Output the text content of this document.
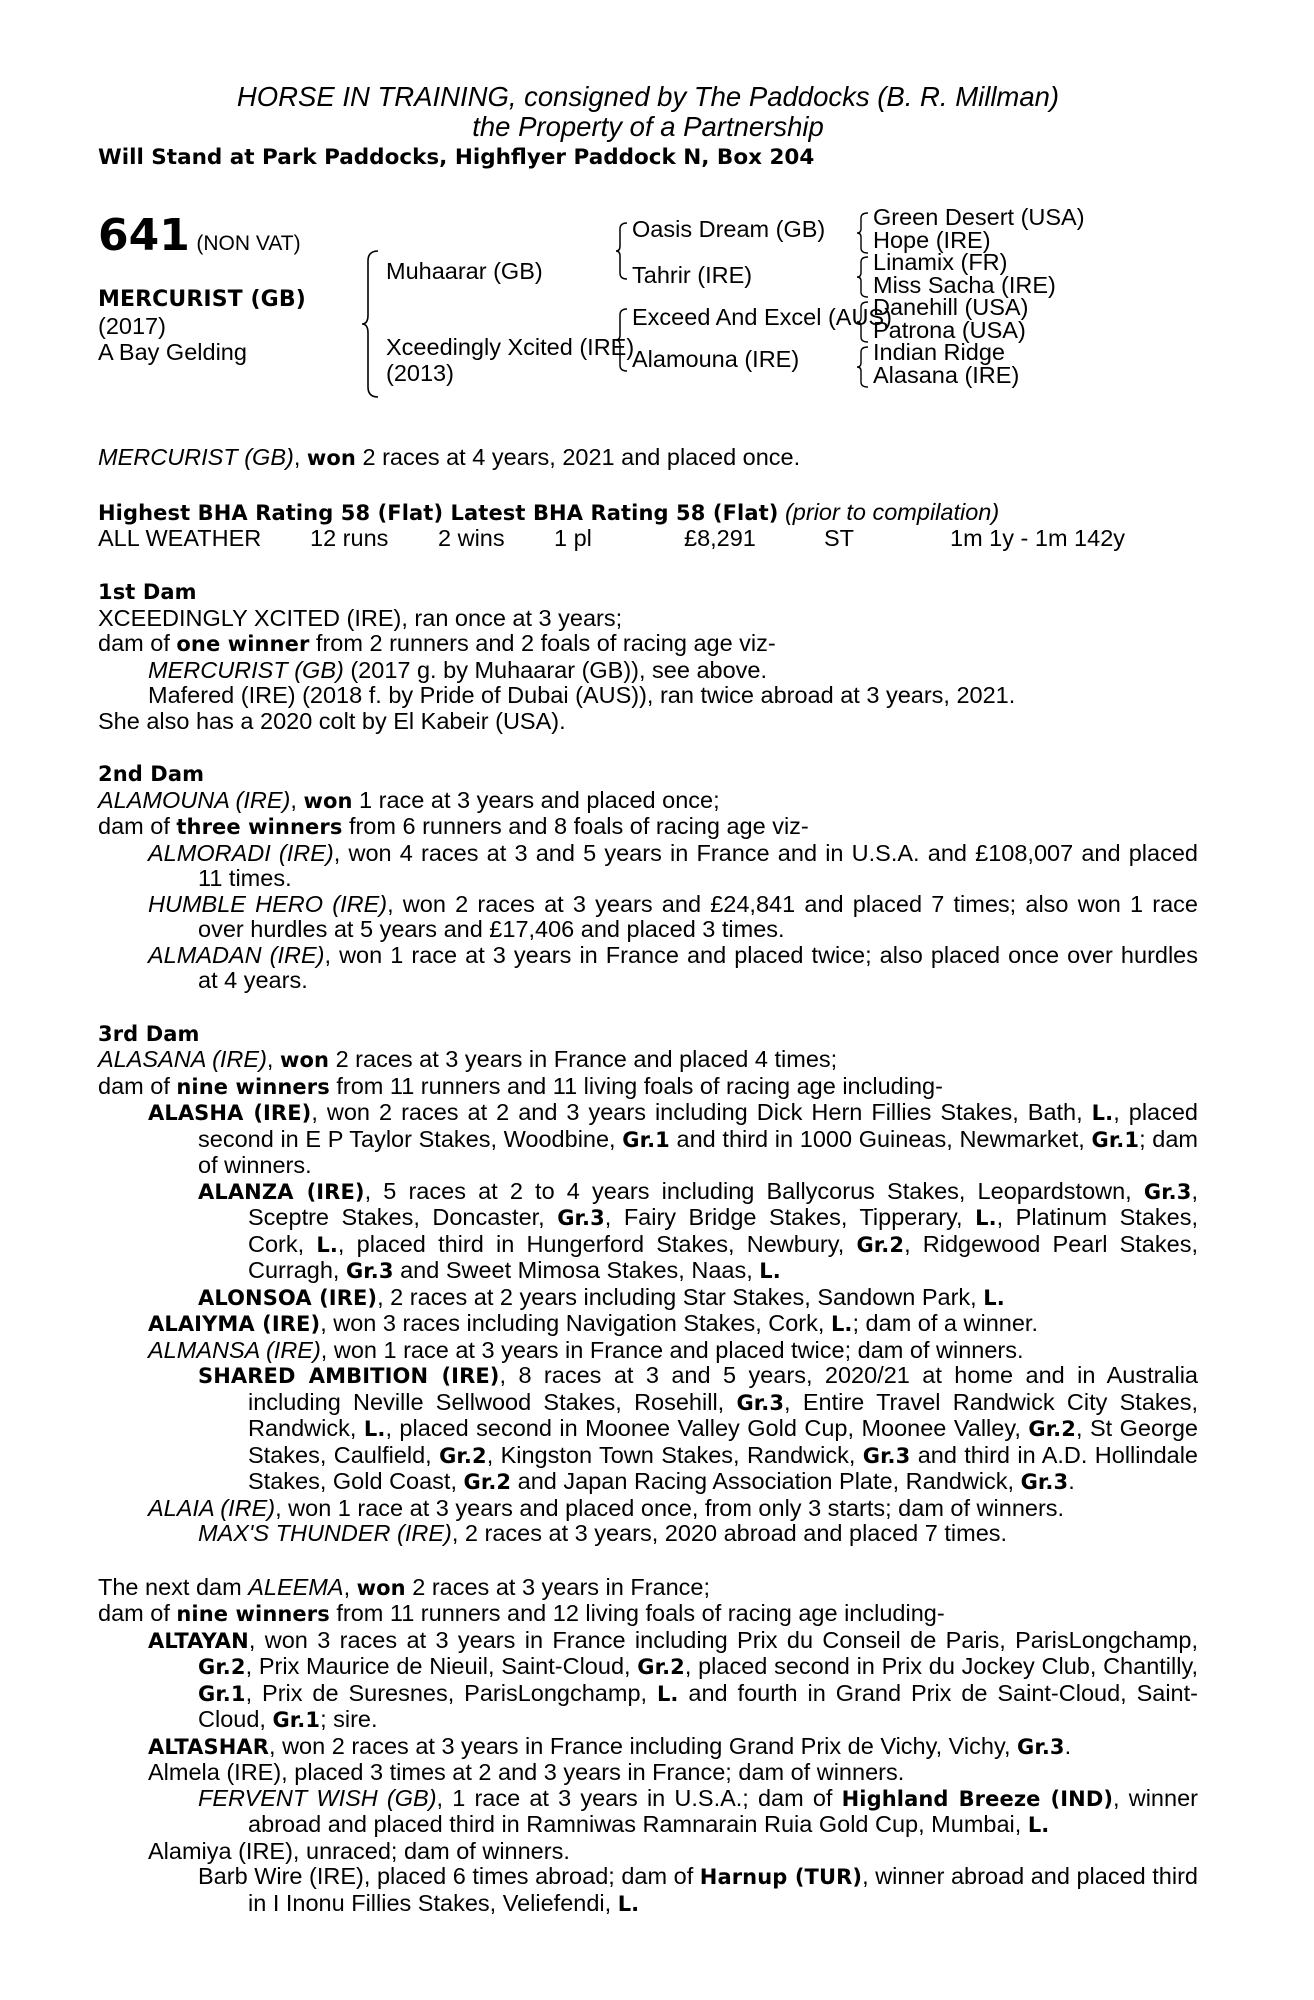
HORSE IN TRAINING, consigned by The Paddocks (B. R. Millman)
the Property of a Partnership
Will Stand at Park Paddocks, Highflyer Paddock N, Box 204
641 (NON VAT)
MERCURIST (GB)
(2017)
A Bay Gelding
Muhaarar (GB)
Xceedingly Xcited (IRE)
(2013)
Oasis Dream (GB)
Tahrir (IRE)
Exceed And Excel (AUS)
Alamouna (IRE)
Green Desert (USA)
Hope (IRE)
Linamix (FR)
Miss Sacha (IRE)
Danehill (USA)
Patrona (USA)
Indian Ridge
Alasana (IRE)

MERCURIST (GB), won 2 races at 4 years, 2021 and placed once.

Highest BHA Rating 58 (Flat) Latest BHA Rating 58 (Flat) (prior to compilation)

ALL WEATHER 12 runs 2 wins 1 pl	£8,291	ST	1m 1y - 1m 142y

1st Dam

XCEEDINGLY XCITED (IRE), ran once at 3 years;

dam of one winner from 2 runners and 2 foals of racing age viz-

MERCURIST (GB) (2017 g. by Muhaarar (GB)), see above.

Mafered (IRE) (2018 f. by Pride of Dubai (AUS)), ran twice abroad at 3 years, 2021.

She also has a 2020 colt by El Kabeir (USA).

2nd Dam

ALAMOUNA (IRE), won 1 race at 3 years and placed once;

dam of three winners from 6 runners and 8 foals of racing age viz-

ALMORADI (IRE), won 4 races at 3 and 5 years in France and in U.S.A. and £108,007 and placed 11 times.

HUMBLE HERO (IRE), won 2 races at 3 years and £24,841 and placed 7 times; also won 1 race over hurdles at 5 years and £17,406 and placed 3 times.

ALMADAN (IRE), won 1 race at 3 years in France and placed twice; also placed once over hurdles at 4 years.

3rd Dam

ALASANA (IRE), won 2 races at 3 years in France and placed 4 times;

dam of nine winners from 11 runners and 11 living foals of racing age including-

ALASHA (IRE), won 2 races at 2 and 3 years including Dick Hern Fillies Stakes, Bath, L., placed second in E P Taylor Stakes, Woodbine, Gr.1 and third in 1000 Guineas, Newmarket, Gr.1; dam of winners.

ALANZA (IRE), 5 races at 2 to 4 years including Ballycorus Stakes, Leopardstown, Gr.3, Sceptre Stakes, Doncaster, Gr.3, Fairy Bridge Stakes, Tipperary, L., Platinum Stakes, Cork, L., placed third in Hungerford Stakes, Newbury, Gr.2, Ridgewood Pearl Stakes, Curragh, Gr.3 and Sweet Mimosa Stakes, Naas, L.

ALONSOA (IRE), 2 races at 2 years including Star Stakes, Sandown Park, L.

ALAIYMA (IRE), won 3 races including Navigation Stakes, Cork, L.; dam of a winner.

ALMANSA (IRE), won 1 race at 3 years in France and placed twice; dam of winners.

SHARED AMBITION (IRE), 8 races at 3 and 5 years, 2020/21 at home and in Australia including Neville Sellwood Stakes, Rosehill, Gr.3, Entire Travel Randwick City Stakes, Randwick, L., placed second in Moonee Valley Gold Cup, Moonee Valley, Gr.2, St George Stakes, Caulfield, Gr.2, Kingston Town Stakes, Randwick, Gr.3 and third in A.D. Hollindale Stakes, Gold Coast, Gr.2 and Japan Racing Association Plate, Randwick, Gr.3.

ALAIA (IRE), won 1 race at 3 years and placed once, from only 3 starts; dam of winners.

MAX'S THUNDER (IRE), 2 races at 3 years, 2020 abroad and placed 7 times.

The next dam ALEEMA, won 2 races at 3 years in France;

dam of nine winners from 11 runners and 12 living foals of racing age including-

ALTAYAN, won 3 races at 3 years in France including Prix du Conseil de Paris, ParisLongchamp, Gr.2, Prix Maurice de Nieuil, Saint-Cloud, Gr.2, placed second in Prix du Jockey Club, Chantilly, Gr.1, Prix de Suresnes, ParisLongchamp, L. and fourth in Grand Prix de Saint-Cloud, Saint-Cloud, Gr.1; sire.

ALTASHAR, won 2 races at 3 years in France including Grand Prix de Vichy, Vichy, Gr.3.

Almela (IRE), placed 3 times at 2 and 3 years in France; dam of winners.

FERVENT WISH (GB), 1 race at 3 years in U.S.A.; dam of Highland Breeze (IND), winner abroad and placed third in Ramniwas Ramnarain Ruia Gold Cup, Mumbai, L.

Alamiya (IRE), unraced; dam of winners.

Barb Wire (IRE), placed 6 times abroad; dam of Harnup (TUR), winner abroad and placed third in I Inonu Fillies Stakes, Veliefendi, L.
